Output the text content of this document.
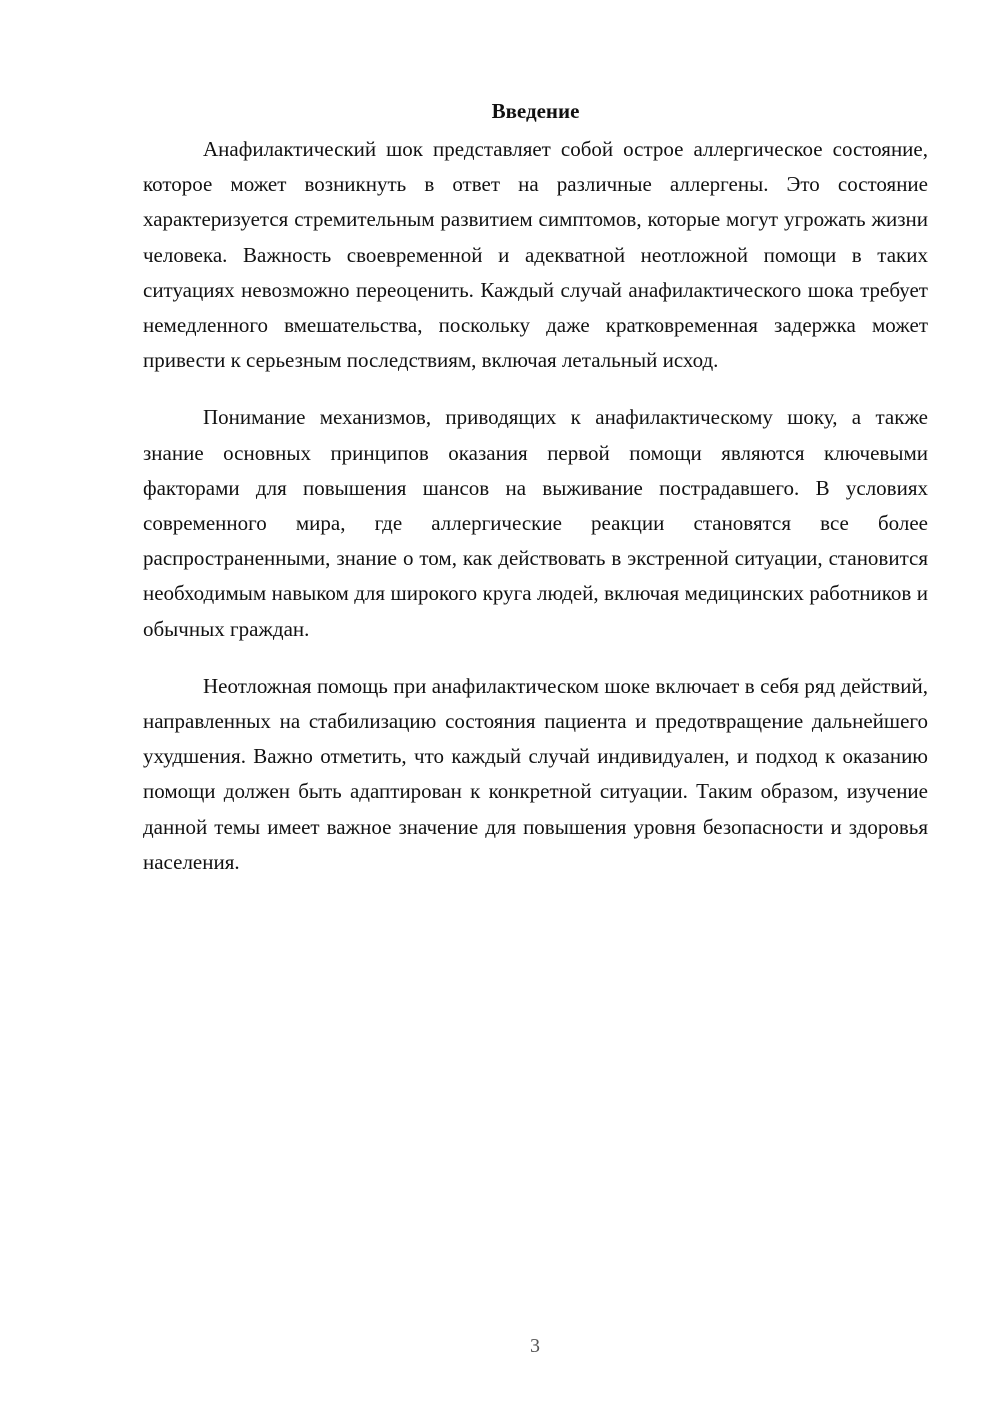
Введение

Анафилактический шок представляет собой острое аллергическое состояние, которое может возникнуть в ответ на различные аллергены. Это состояние характеризуется стремительным развитием симптомов, которые могут угрожать жизни человека. Важность своевременной и адекватной неотложной помощи в таких ситуациях невозможно переоценить. Каждый случай анафилактического шока требует немедленного вмешательства, поскольку даже кратковременная задержка может привести к серьезным последствиям, включая летальный исход.

Понимание механизмов, приводящих к анафилактическому шоку, а также знание основных принципов оказания первой помощи являются ключевыми факторами для повышения шансов на выживание пострадавшего. В условиях современного мира, где аллергические реакции становятся все более распространенными, знание о том, как действовать в экстренной ситуации, становится необходимым навыком для широкого круга людей, включая медицинских работников и обычных граждан.

Неотложная помощь при анафилактическом шоке включает в себя ряд действий, направленных на стабилизацию состояния пациента и предотвращение дальнейшего ухудшения. Важно отметить, что каждый случай индивидуален, и подход к оказанию помощи должен быть адаптирован к конкретной ситуации. Таким образом, изучение данной темы имеет важное значение для повышения уровня безопасности и здоровья населения.

3
